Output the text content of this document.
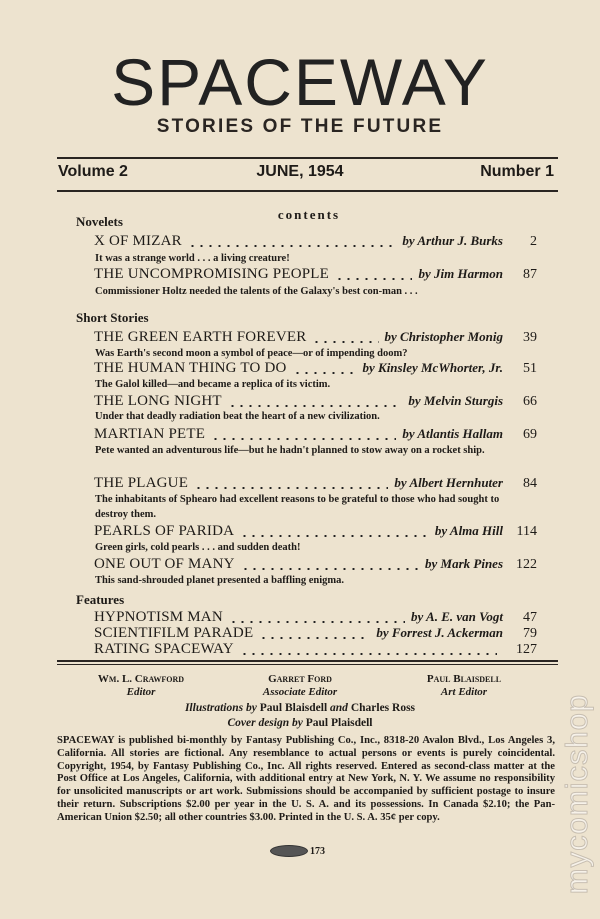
SPACEWAY
STORIES OF THE FUTURE
Volume 2	JUNE, 1954	Number 1
contents
Novelets
Short Stories
Features
X OF MIZAR	by Arthur J. Burks	2
It was a strange world . . . a living creature!
THE UNCOMPROMISING PEOPLE	by Jim Harmon	87
Commissioner Holtz needed the talents of the Galaxy's best con-man . . .
THE GREEN EARTH FOREVER	by Christopher Monig	39
Was Earth's second moon a symbol of peace—or of impending doom?
THE HUMAN THING TO DO	by Kinsley McWhorter, Jr.	51
The Galol killed—and became a replica of its victim.
THE LONG NIGHT	by Melvin Sturgis	66
Under that deadly radiation beat the heart of a new civilization.
MARTIAN PETE	by Atlantis Hallam	69
Pete wanted an adventurous life—but he hadn't planned to stow away on a rocket ship.
THE PLAGUE	by Albert Hernhuter	84
The inhabitants of Sphearo had excellent reasons to be grateful to those who had sought to destroy them.
PEARLS OF PARIDA	by Alma Hill 114
Green girls, cold pearls . . . and sudden death!
ONE OUT OF MANY	by Mark Pines 122
This sand-shrouded planet presented a baffling enigma.
HYPNOTISM MAN	by A. E. van Vogt	47
SCIENTIFILM PARADE	by Forrest J. Ackerman	79
RATING SPACEWAY	127
Wm. L. Crawford
Editor
Garret Ford
Associate Editor
Paul Blaisdell
Art Editor
Illustrations by Paul Blaisdell and Charles Ross
Cover design by Paul Plaisdell
SPACEWAY is published bi-monthly by Fantasy Publishing Co., Inc., 8318-20 Avalon Blvd., Los Angeles 3, California. All stories are fictional. Any resemblance to actual persons or events is purely coincidental. Copyright, 1954, by Fantasy Publishing Co., Inc. All rights reserved. Entered as second-class matter at the Post Office at Los Angeles, California, with additional entry at New York, N. Y. We assume no responsibility for unsolicited manuscripts or art work. Submissions should be accompanied by sufficient postage to insure their return. Subscriptions $2.00 per year in the U. S. A. and its possessions. In Canada $2.10; the Pan-American Union $2.50; all other countries $3.00. Printed in the U. S. A. 35¢ per copy.
173	mycomicshop
